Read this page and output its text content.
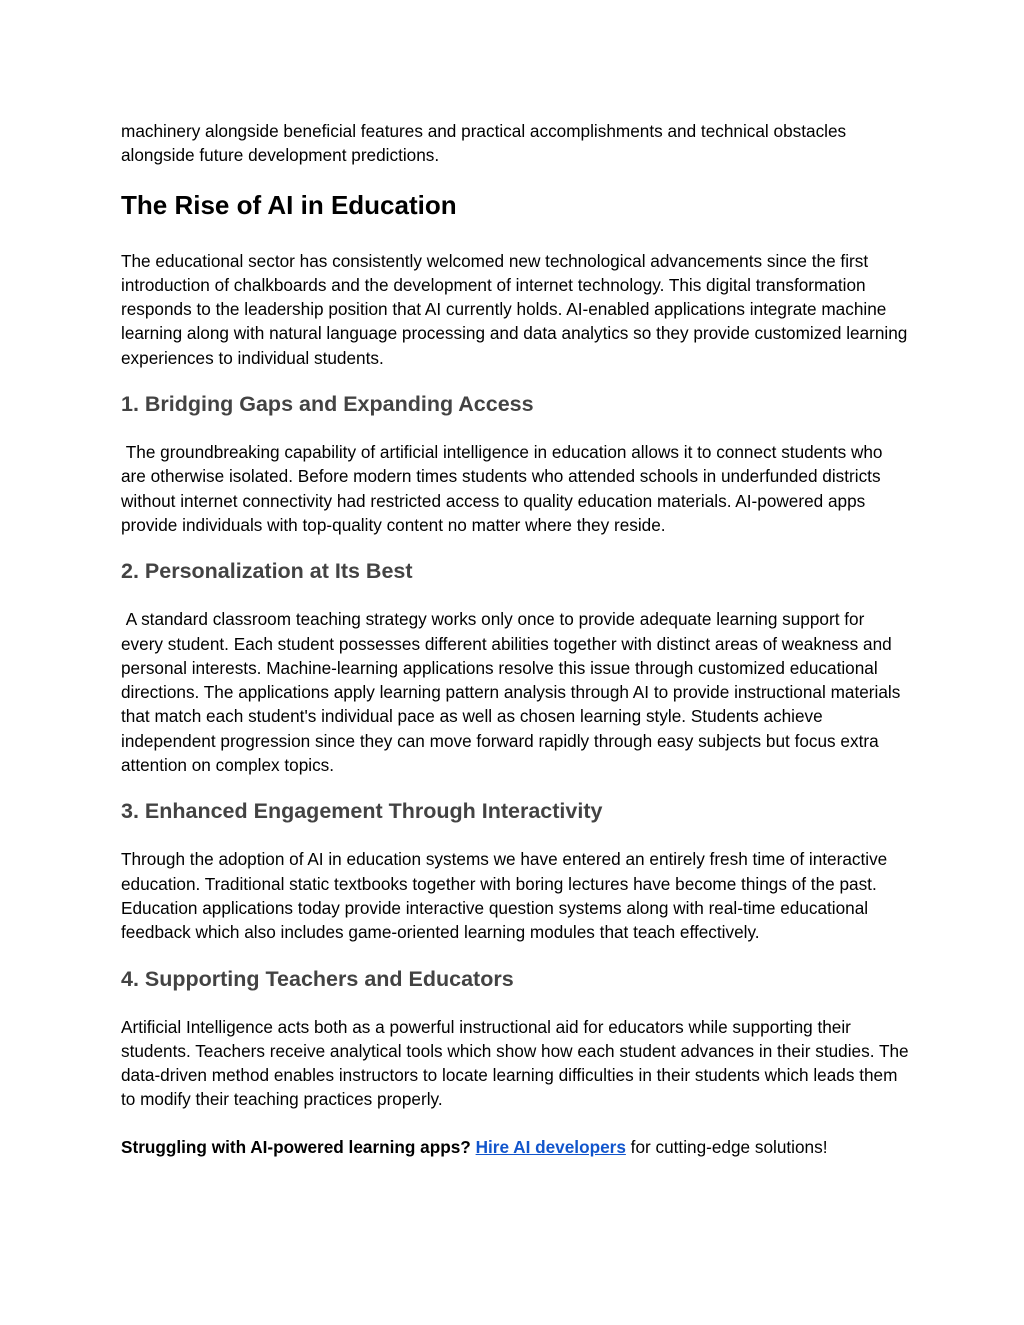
machinery alongside beneficial features and practical accomplishments and technical obstacles alongside future development predictions.

The Rise of AI in Education

The educational sector has consistently welcomed new technological advancements since the first introduction of chalkboards and the development of internet technology. This digital transformation responds to the leadership position that AI currently holds. AI-enabled applications integrate machine learning along with natural language processing and data analytics so they provide customized learning experiences to individual students.

1. Bridging Gaps and Expanding Access

The groundbreaking capability of artificial intelligence in education allows it to connect students who are otherwise isolated. Before modern times students who attended schools in underfunded districts without internet connectivity had restricted access to quality education materials. AI-powered apps provide individuals with top-quality content no matter where they reside.

2. Personalization at Its Best

A standard classroom teaching strategy works only once to provide adequate learning support for every student. Each student possesses different abilities together with distinct areas of weakness and personal interests. Machine-learning applications resolve this issue through customized educational directions. The applications apply learning pattern analysis through AI to provide instructional materials that match each student's individual pace as well as chosen learning style. Students achieve independent progression since they can move forward rapidly through easy subjects but focus extra attention on complex topics.

3. Enhanced Engagement Through Interactivity

Through the adoption of AI in education systems we have entered an entirely fresh time of interactive education. Traditional static textbooks together with boring lectures have become things of the past. Education applications today provide interactive question systems along with real-time educational feedback which also includes game-oriented learning modules that teach effectively.

4. Supporting Teachers and Educators

Artificial Intelligence acts both as a powerful instructional aid for educators while supporting their students. Teachers receive analytical tools which show how each student advances in their studies. The data-driven method enables instructors to locate learning difficulties in their students which leads them to modify their teaching practices properly.

Struggling with AI-powered learning apps? Hire AI developers for cutting-edge solutions!
